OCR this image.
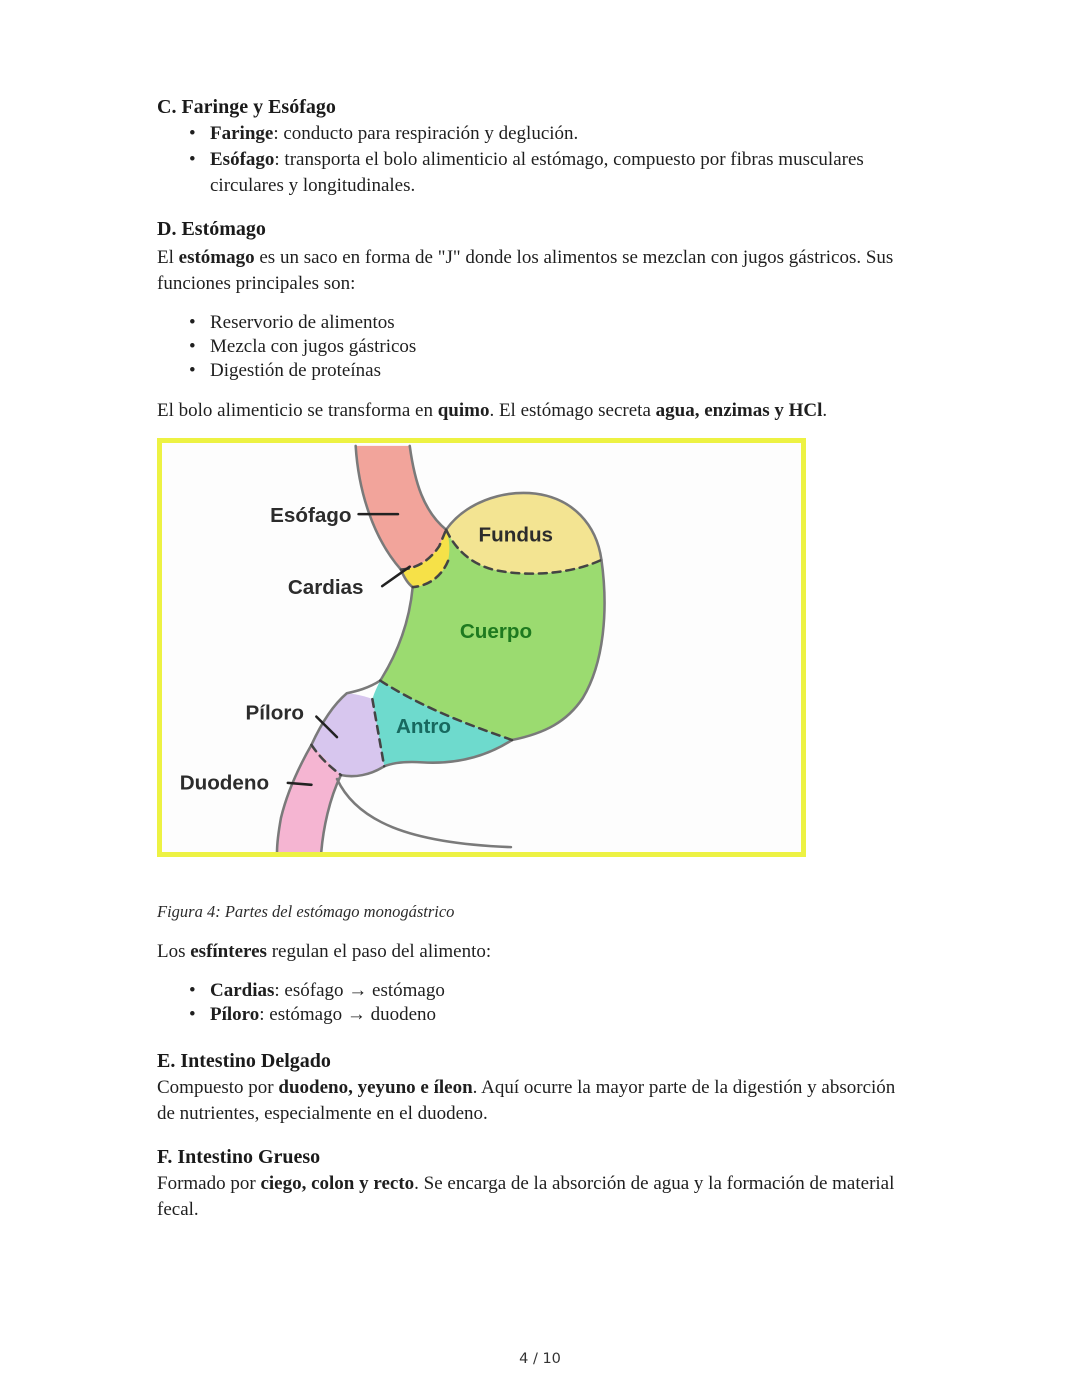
C. Faringe y Esófago
• Faringe: conducto para respiración y deglución.
• Esófago: transporta el bolo alimenticio al estómago, compuesto por fibras musculares circulares y longitudinales.
D. Estómago

El estómago es un saco en forma de "J" donde los alimentos se mezclan con jugos gástricos. Sus funciones principales son:

• Reservorio de alimentos
• Mezcla con jugos gástricos
• Digestión de proteínas

El bolo alimenticio se transforma en quimo. El estómago secreta agua, enzimas y HCl.

Esófago
Fundus
Cardias
Cuerpo
Píloro
Antro
Duodeno

Figura 4: Partes del estómago monogástrico

Los esfínteres regulan el paso del alimento:

• Cardias: esófago → estómago
• Píloro: estómago → duodeno
E. Intestino Delgado

Compuesto por duodeno, yeyuno e íleon. Aquí ocurre la mayor parte de la digestión y absorción de nutrientes, especialmente en el duodeno.

F. Intestino Grueso

Formado por ciego, colon y recto. Se encarga de la absorción de agua y la formación de material fecal.

4 / 10
